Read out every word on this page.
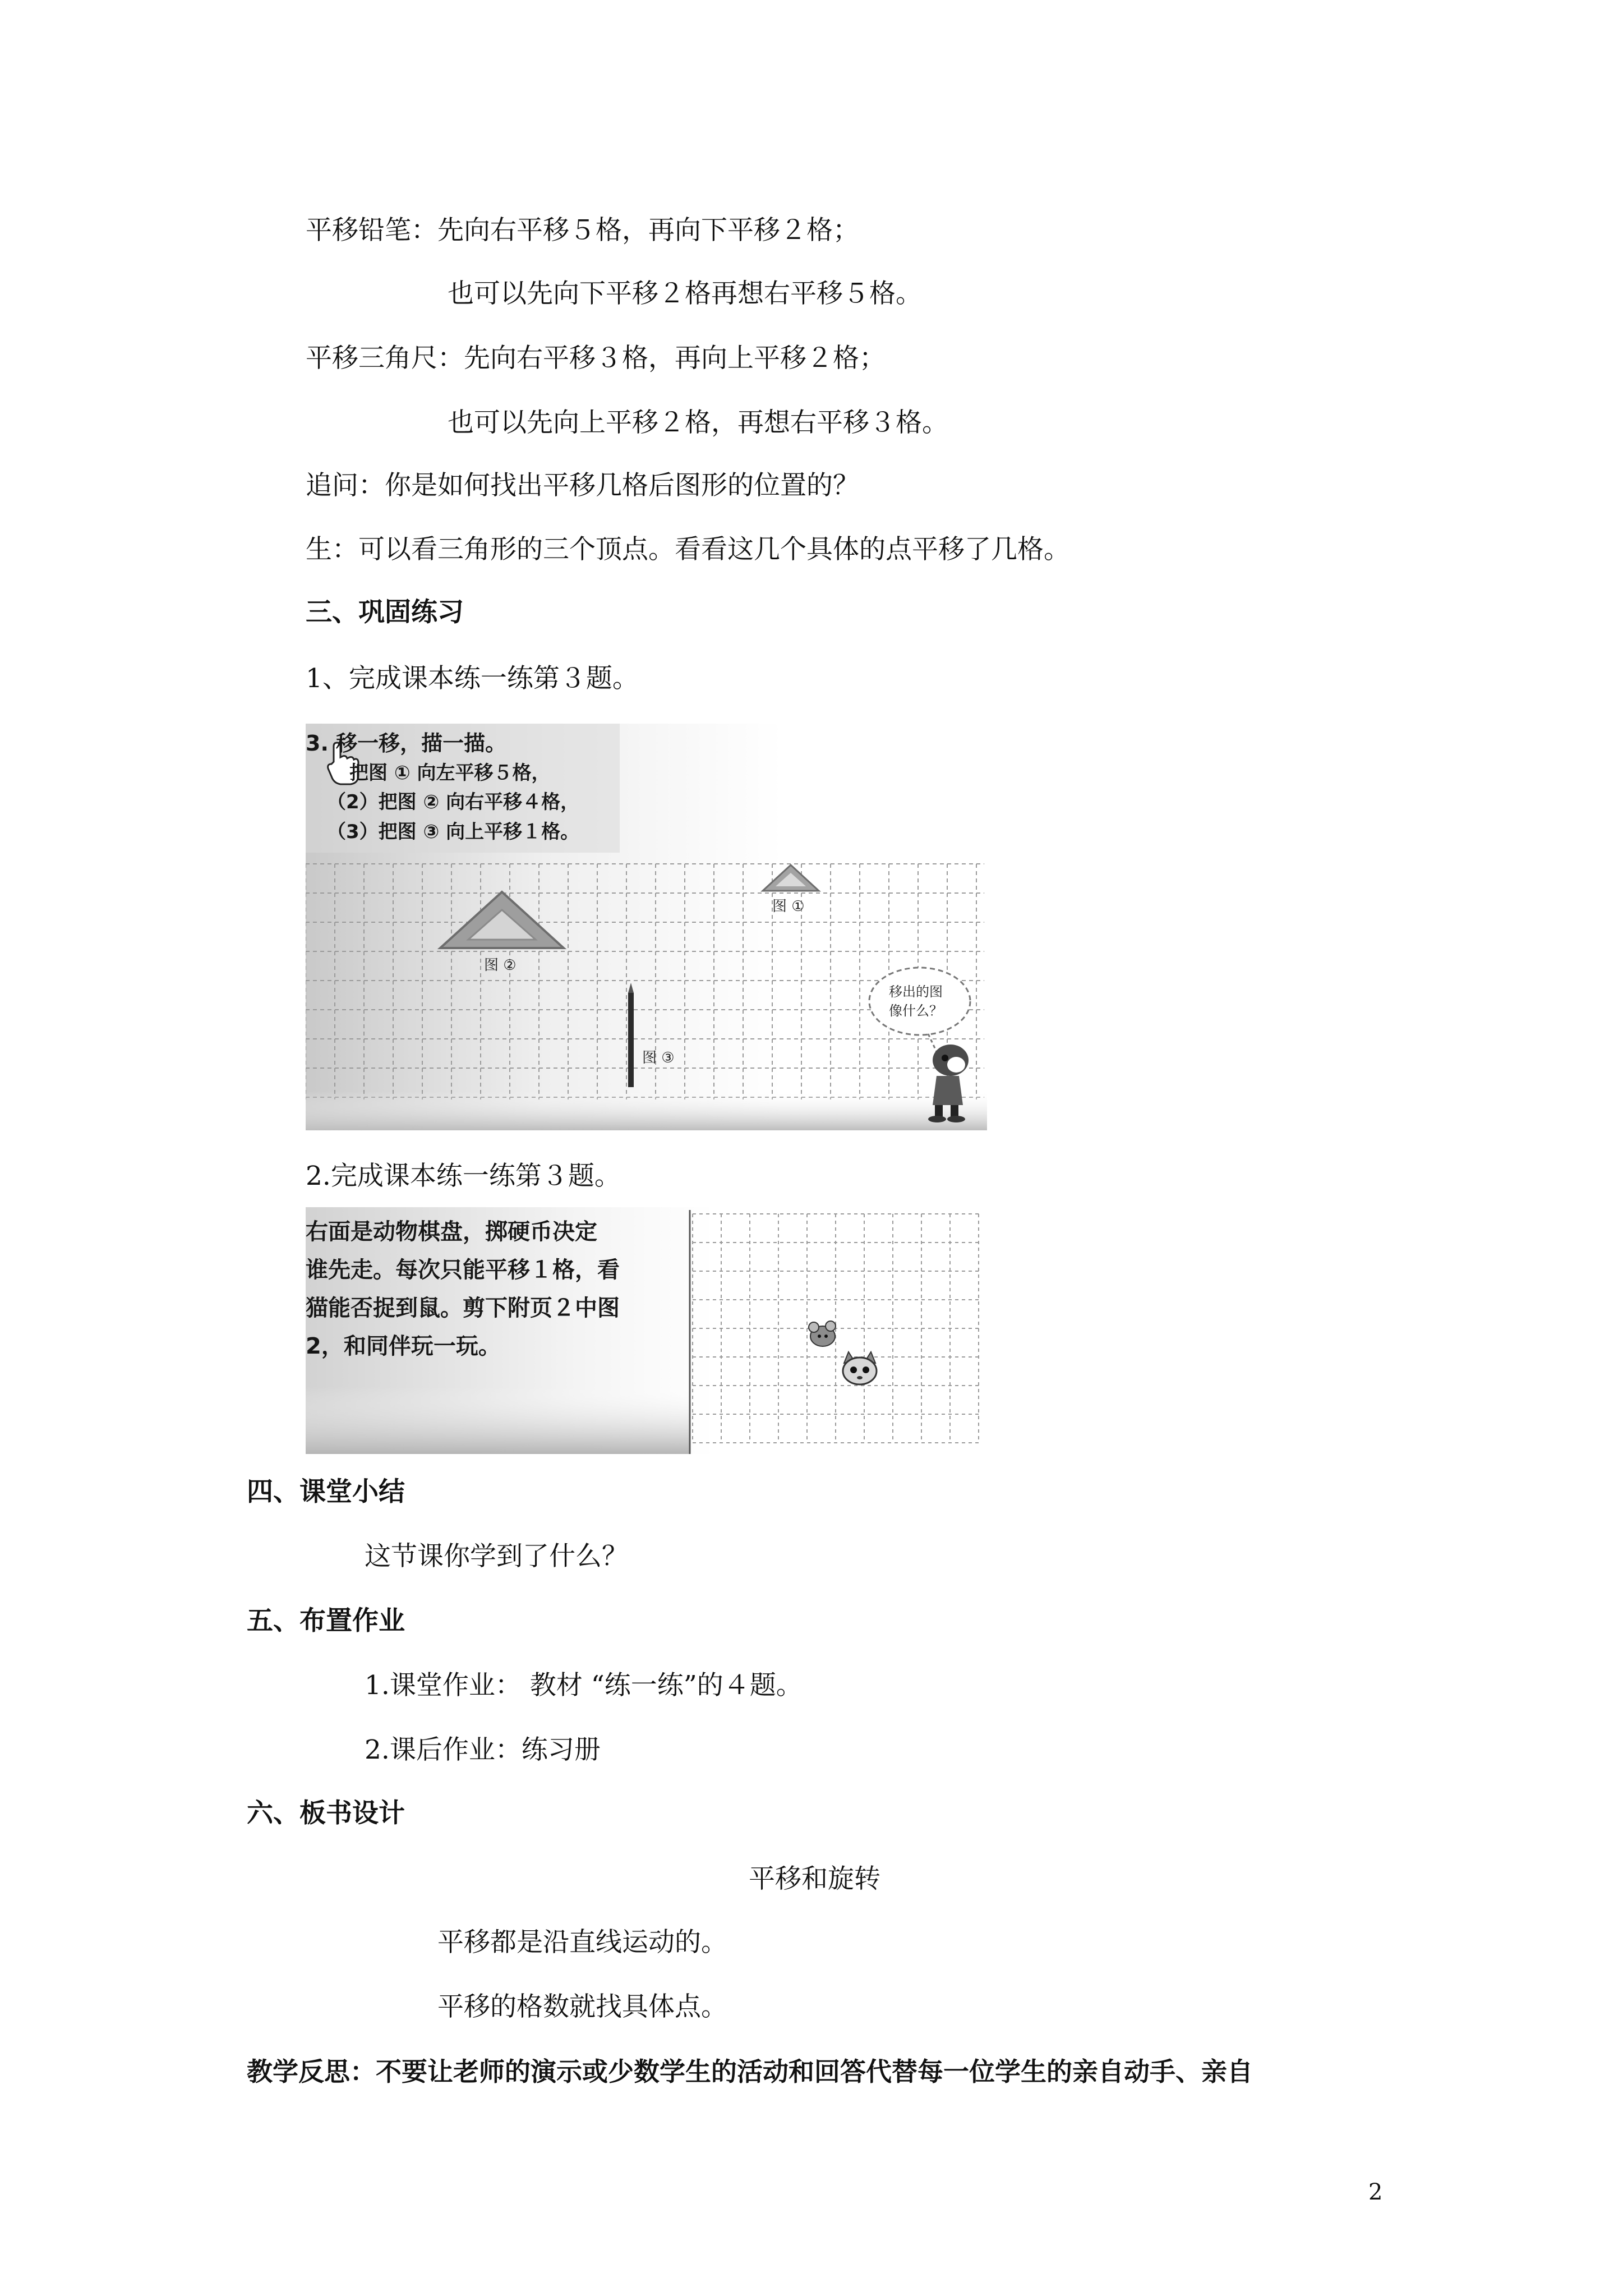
平移铅笔：先向右平移５格，再向下平移２格；
也可以先向下平移２格再想右平移５格。
平移三角尺：先向右平移３格，再向上平移２格；
也可以先向上平移２格，再想右平移３格。
追问：你是如何找出平移几格后图形的位置的？
生：可以看三角形的三个顶点。看看这几个具体的点平移了几格。
三、巩固练习
1、完成课本练一练第３题。
3. 移一移，描一描。
把图 ① 向左平移５格，
（2）把图 ② 向右平移４格，
（3）把图 ③ 向上平移１格。
图 ②
图 ①
图 ③
移出的图
像什么？
2.完成课本练一练第３题。
右面是动物棋盘，掷硬币决定
谁先走。每次只能平移１格，看
猫能否捉到鼠。剪下附页２中图
2，和同伴玩一玩。
四、课堂小结
这节课你学到了什么？
五、布置作业
1.课堂作业： 教材 “练一练”的４题。
2.课后作业：练习册
六、板书设计
平移和旋转
平移都是沿直线运动的。
平移的格数就找具体点。
教学反思：不要让老师的演示或少数学生的活动和回答代替每一位学生的亲自动手、亲自
2
